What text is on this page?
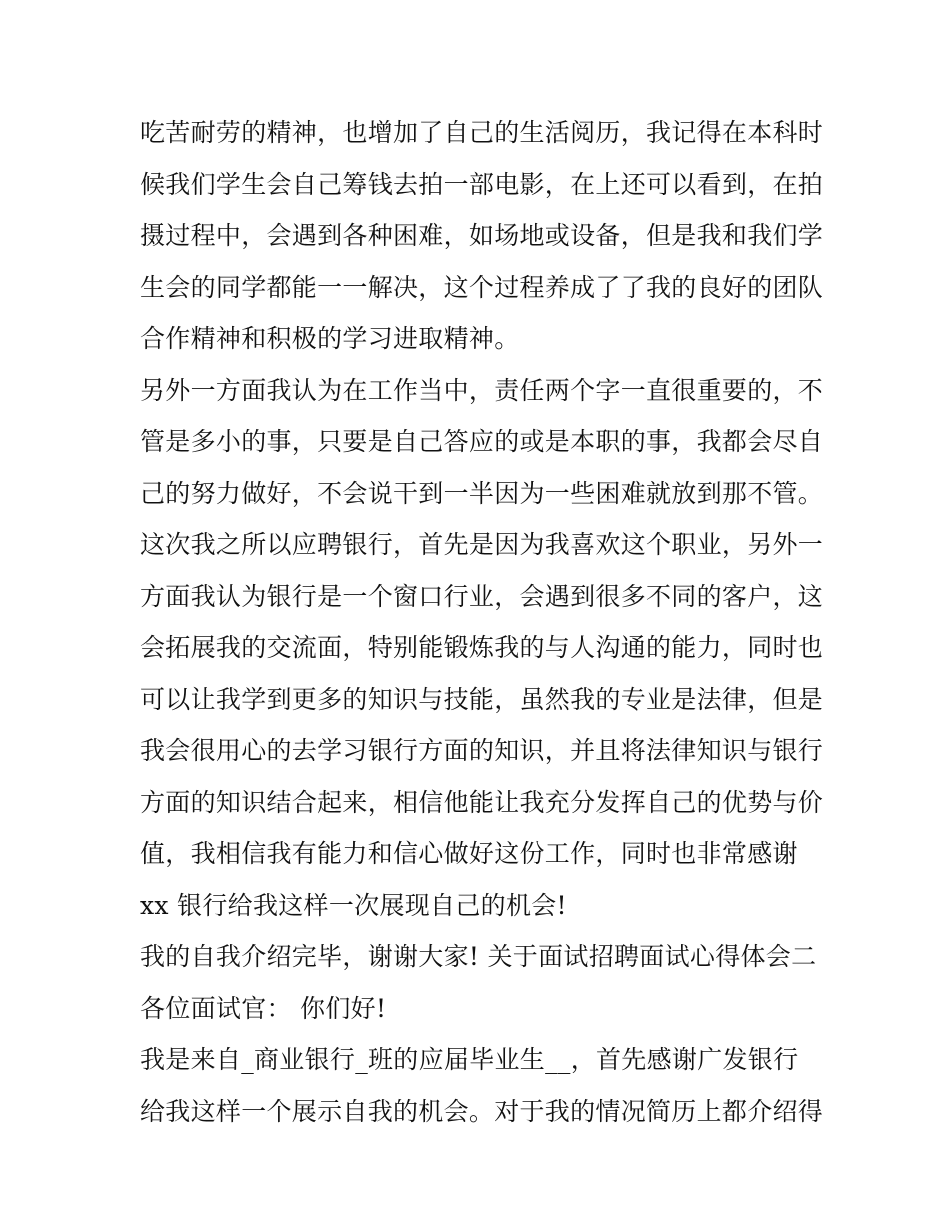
吃苦耐劳的精神，也增加了自己的生活阅历，我记得在本科时
候我们学生会自己筹钱去拍一部电影，在上还可以看到，在拍
摄过程中，会遇到各种困难，如场地或设备，但是我和我们学
生会的同学都能一一解决，这个过程养成了了我的良好的团队
合作精神和积极的学习进取精神。
另外一方面我认为在工作当中，责任两个字一直很重要的，不
管是多小的事，只要是自己答应的或是本职的事，我都会尽自
己的努力做好，不会说干到一半因为一些困难就放到那不管。
这次我之所以应聘银行，首先是因为我喜欢这个职业，另外一
方面我认为银行是一个窗口行业，会遇到很多不同的客户，这
会拓展我的交流面，特别能锻炼我的与人沟通的能力，同时也
可以让我学到更多的知识与技能，虽然我的专业是法律，但是
我会很用心的去学习银行方面的知识，并且将法律知识与银行
方面的知识结合起来，相信他能让我充分发挥自己的优势与价
值，我相信我有能力和信心做好这份工作，同时也非常感谢
xx 银行给我这样一次展现自己的机会!
我的自我介绍完毕，谢谢大家! 关于面试招聘面试心得体会二
各位面试官： 你们好!
我是来自_商业银行_班的应届毕业生__，首先感谢广发银行
给我这样一个展示自我的机会。对于我的情况简历上都介绍得
